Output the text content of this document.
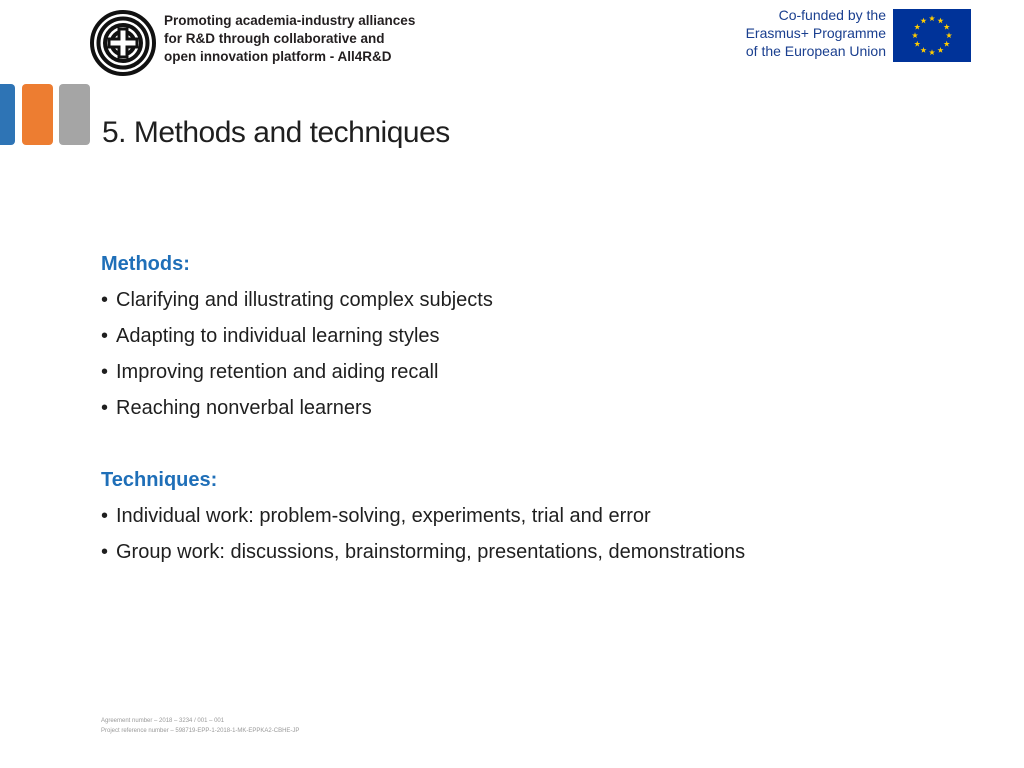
Promoting academia-industry alliances
for R&D through collaborative and
open innovation platform - All4R&D
Co-funded by the
Erasmus+ Programme
of the European Union
5. Methods and techniques
Methods:
• Clarifying and illustrating complex subjects
• Adapting to individual learning styles
• Improving retention and aiding recall
• Reaching nonverbal learners
Techniques:
• Individual work: problem-solving, experiments, trial and error
• Group work: discussions, brainstorming, presentations, demonstrations
Agreement number – 2018 – 3234 / 001 – 001
Project reference number – 598719-EPP-1-2018-1-MK-EPPKA2-CBHE-JP
